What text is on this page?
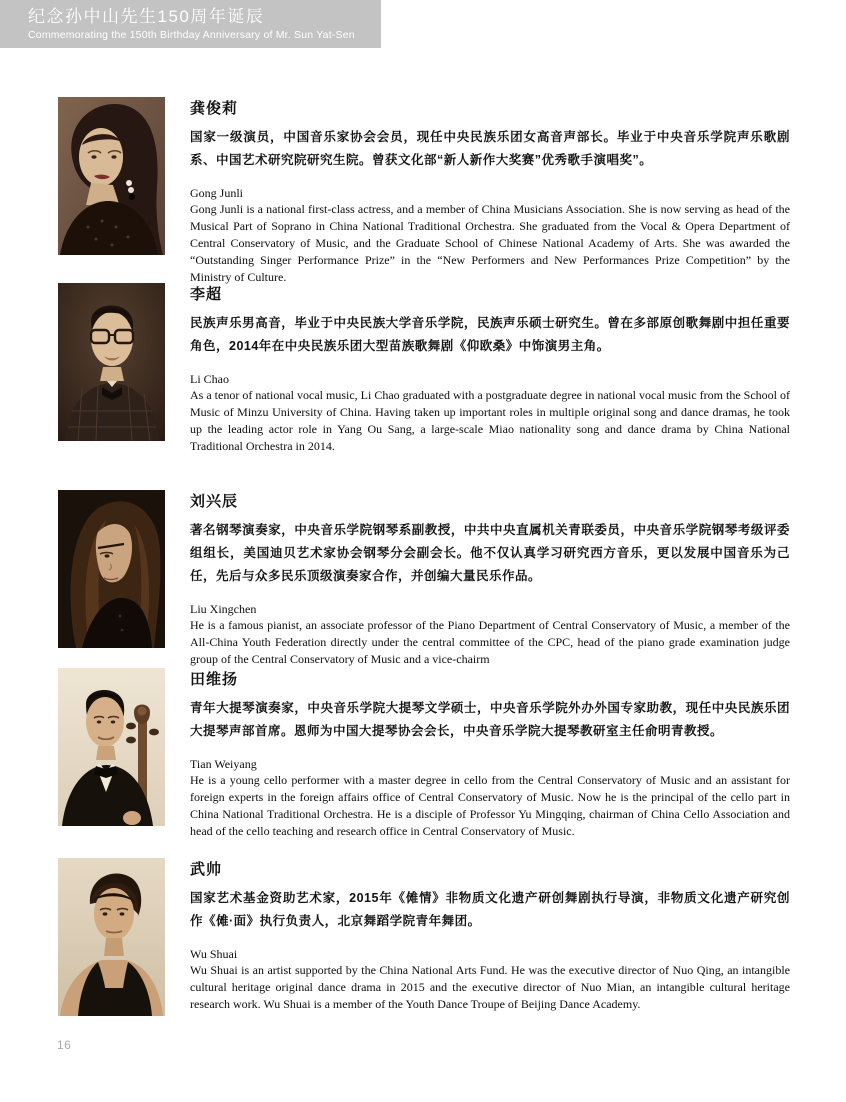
纪念孙中山先生150周年诞辰
Commemorating the 150th Birthday Anniversary of Mr. Sun Yat-Sen
龚俊莉
国家一级演员，中国音乐家协会会员，现任中央民族乐团女高音声部长。毕业于中央音乐学院声乐歌剧系、中国艺术研究院研究生院。曾获文化部“新人新作大奖赛”优秀歌手演唱奖”。
Gong Junli
Gong Junli is a national first-class actress, and a member of China Musicians Association. She is now serving as head of the Musical Part of Soprano in China National Traditional Orchestra. She graduated from the Vocal & Opera Department of Central Conservatory of Music, and the Graduate School of Chinese National Academy of Arts. She was awarded the “Outstanding Singer Performance Prize” in the “New Performers and New Performances Prize Competition” by the Ministry of Culture.
李超
民族声乐男高音，毕业于中央民族大学音乐学院，民族声乐硕士研究生。曾在多部原创歌舞剧中担任重要角色，2014年在中央民族乐团大型苗族歌舞剧《仰欧桑》中饰演男主角。
Li Chao
As a tenor of national vocal music, Li Chao graduated with a postgraduate degree in national vocal music from the School of Music of Minzu University of China. Having taken up important roles in multiple original song and dance dramas, he took up the leading actor role in Yang Ou Sang, a large-scale Miao nationality song and dance drama by China National Traditional Orchestra in 2014.
刘兴辰
著名钢琴演奏家，中央音乐学院钢琴系副教授，中共中央直属机关青联委员，中央音乐学院钢琴考级评委组组长，美国迪贝艺术家协会钢琴分会副会长。他不仅认真学习研究西方音乐，更以发展中国音乐为己任，先后与众多民乐顶级演奏家合作，并创编大量民乐作品。
Liu Xingchen
He is a famous pianist, an associate professor of the Piano Department of Central Conservatory of Music, a member of the All-China Youth Federation directly under the central committee of the CPC, head of the piano grade examination judge group of the Central Conservatory of Music and a vice-chairm
田维扬
青年大提琴演奏家，中央音乐学院大提琴文学硕士，中央音乐学院外办外国专家助教，现任中央民族乐团大提琴声部首席。恩师为中国大提琴协会会长，中央音乐学院大提琴教研室主任俞明青教授。
Tian Weiyang
He is a young cello performer with a master degree in cello from the Central Conservatory of Music and an assistant for foreign experts in the foreign affairs office of Central Conservatory of Music. Now he is the principal of the cello part in China National Traditional Orchestra. He is a disciple of Professor Yu Mingqing, chairman of China Cello Association and head of the cello teaching and research office in Central Conservatory of Music.
武帅
国家艺术基金资助艺术家，2015年《傩情》非物质文化遗产研创舞剧执行导演，非物质文化遗产研究创作《傩·面》执行负责人，北京舞蹈学院青年舞团。
Wu Shuai
Wu Shuai is an artist supported by the China National Arts Fund. He was the executive director of Nuo Qing, an intangible cultural heritage original dance drama in 2015 and the executive director of Nuo Mian, an intangible cultural heritage research work. Wu Shuai is a member of the Youth Dance Troupe of Beijing Dance Academy.
16
